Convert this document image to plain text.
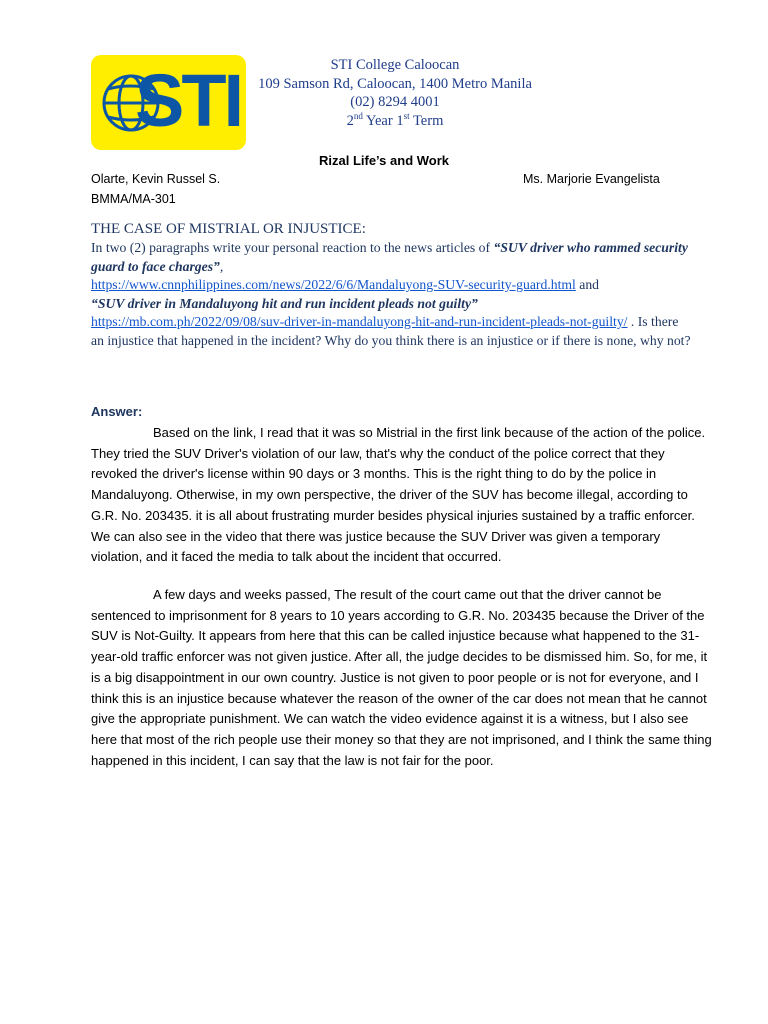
STI	STI College Caloocan
109 Samson Rd, Caloocan, 1400 Metro Manila
(02) 8294 4001
2nd Year 1st Term
Rizal Life’s and Work
Olarte, Kevin Russel S.
BMMA/MA-301
Ms. Marjorie Evangelista
THE CASE OF MISTRIAL OR INJUSTICE:
In two (2) paragraphs write your personal reaction to the news articles of “SUV driver who rammed security guard to face charges”,
https://www.cnnphilippines.com/news/2022/6/6/Mandaluyong-SUV-security-guard.html and
“SUV driver in Mandaluyong hit and run incident pleads not guilty”
https://mb.com.ph/2022/09/08/suv-driver-in-mandaluyong-hit-and-run-incident-pleads-not-guilty/ . Is there an injustice that happened in the incident? Why do you think there is an injustice or if there is none, why not?
Answer:

Based on the link, I read that it was so Mistrial in the first link because of the action of the police. They tried the SUV Driver's violation of our law, that's why the conduct of the police correct that they revoked the driver's license within 90 days or 3 months. This is the right thing to do by the police in Mandaluyong. Otherwise, in my own perspective, the driver of the SUV has become illegal, according to G.R. No. 203435. it is all about frustrating murder besides physical injuries sustained by a traffic enforcer. We can also see in the video that there was justice because the SUV Driver was given a temporary violation, and it faced the media to talk about the incident that occurred.

A few days and weeks passed, The result of the court came out that the driver cannot be sentenced to imprisonment for 8 years to 10 years according to G.R. No. 203435 because the Driver of the SUV is Not-Guilty. It appears from here that this can be called injustice because what happened to the 31-year-old traffic enforcer was not given justice. After all, the judge decides to be dismissed him. So, for me, it is a big disappointment in our own country. Justice is not given to poor people or is not for everyone, and I think this is an injustice because whatever the reason of the owner of the car does not mean that he cannot give the appropriate punishment. We can watch the video evidence against it is a witness, but I also see here that most of the rich people use their money so that they are not imprisoned, and I think the same thing happened in this incident, I can say that the law is not fair for the poor.
